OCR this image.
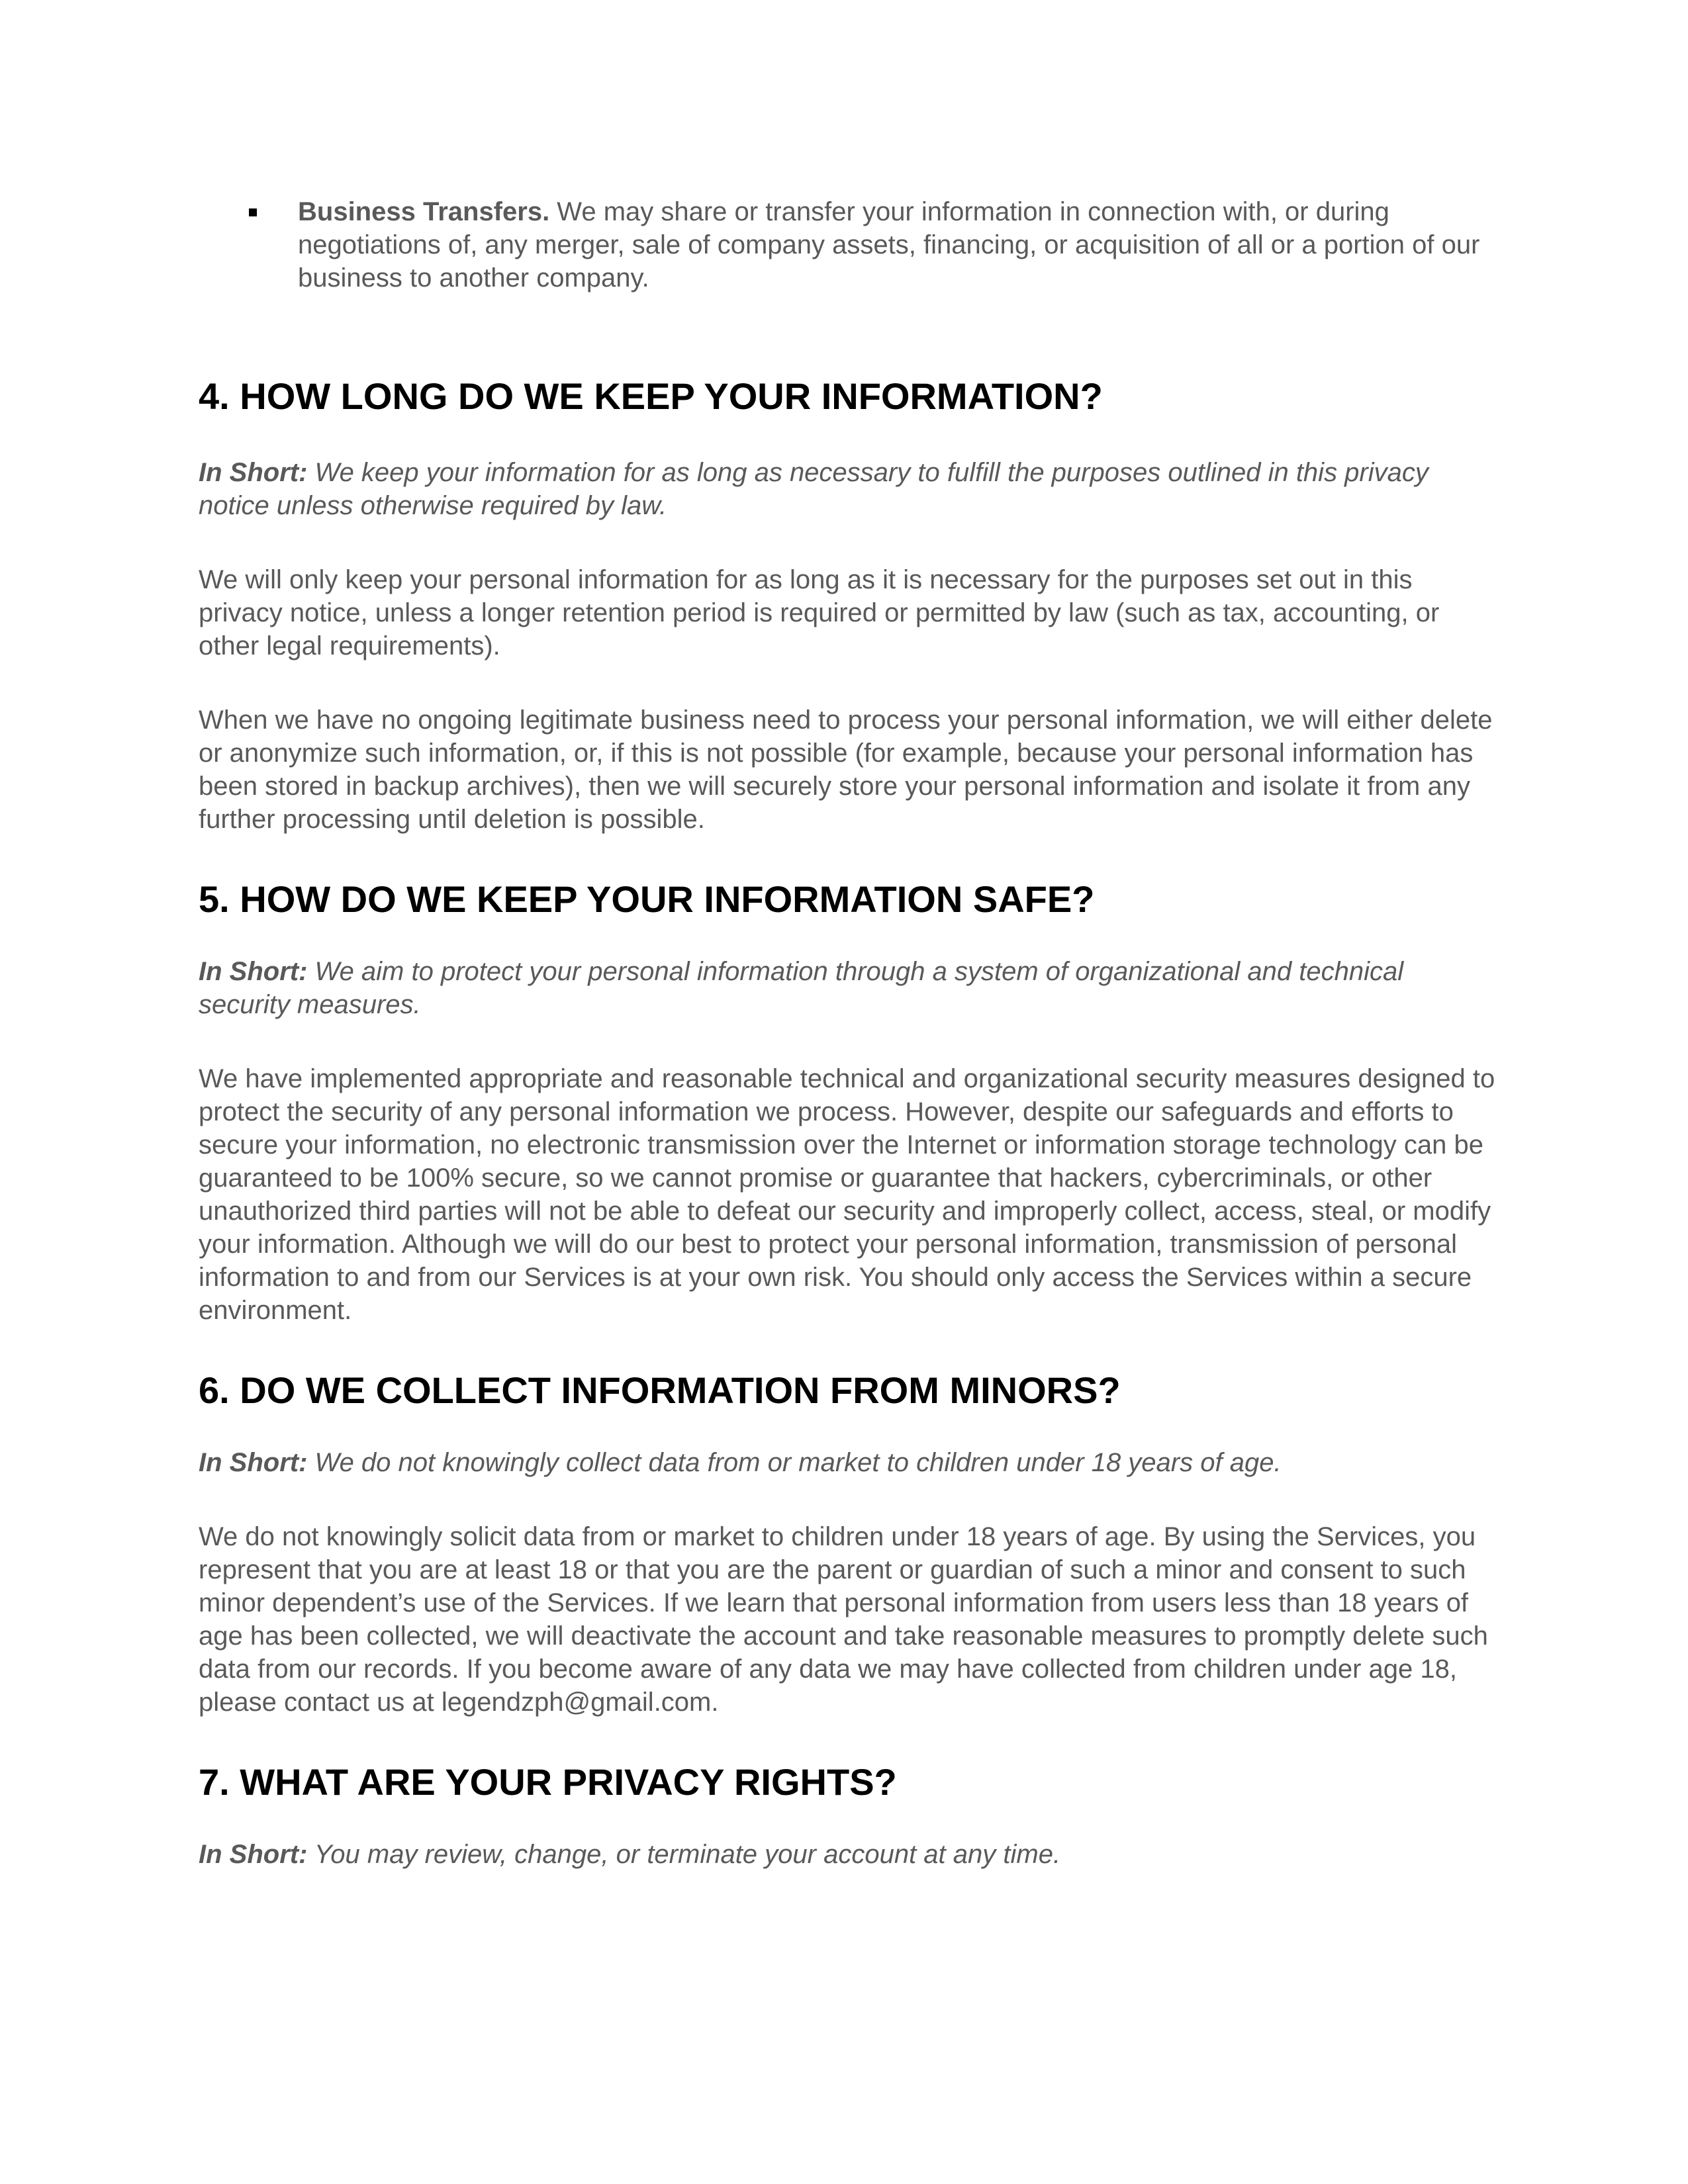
Business Transfers. We may share or transfer your information in connection with, or during negotiations of, any merger, sale of company assets, financing, or acquisition of all or a portion of our business to another company.

4. HOW LONG DO WE KEEP YOUR INFORMATION?

In Short: We keep your information for as long as necessary to fulfill the purposes outlined in this privacy notice unless otherwise required by law.

We will only keep your personal information for as long as it is necessary for the purposes set out in this privacy notice, unless a longer retention period is required or permitted by law (such as tax, accounting, or other legal requirements).

When we have no ongoing legitimate business need to process your personal information, we will either delete or anonymize such information, or, if this is not possible (for example, because your personal information has been stored in backup archives), then we will securely store your personal information and isolate it from any further processing until deletion is possible.

5. HOW DO WE KEEP YOUR INFORMATION SAFE?

In Short: We aim to protect your personal information through a system of organizational and technical security measures.

We have implemented appropriate and reasonable technical and organizational security measures designed to protect the security of any personal information we process. However, despite our safeguards and efforts to secure your information, no electronic transmission over the Internet or information storage technology can be guaranteed to be 100% secure, so we cannot promise or guarantee that hackers, cybercriminals, or other unauthorized third parties will not be able to defeat our security and improperly collect, access, steal, or modify your information. Although we will do our best to protect your personal information, transmission of personal information to and from our Services is at your own risk. You should only access the Services within a secure environment.

6. DO WE COLLECT INFORMATION FROM MINORS?

In Short: We do not knowingly collect data from or market to children under 18 years of age.

We do not knowingly solicit data from or market to children under 18 years of age. By using the Services, you represent that you are at least 18 or that you are the parent or guardian of such a minor and consent to such minor dependent’s use of the Services. If we learn that personal information from users less than 18 years of age has been collected, we will deactivate the account and take reasonable measures to promptly delete such data from our records. If you become aware of any data we may have collected from children under age 18, please contact us at legendzph@gmail.com.

7. WHAT ARE YOUR PRIVACY RIGHTS?

In Short: You may review, change, or terminate your account at any time.
